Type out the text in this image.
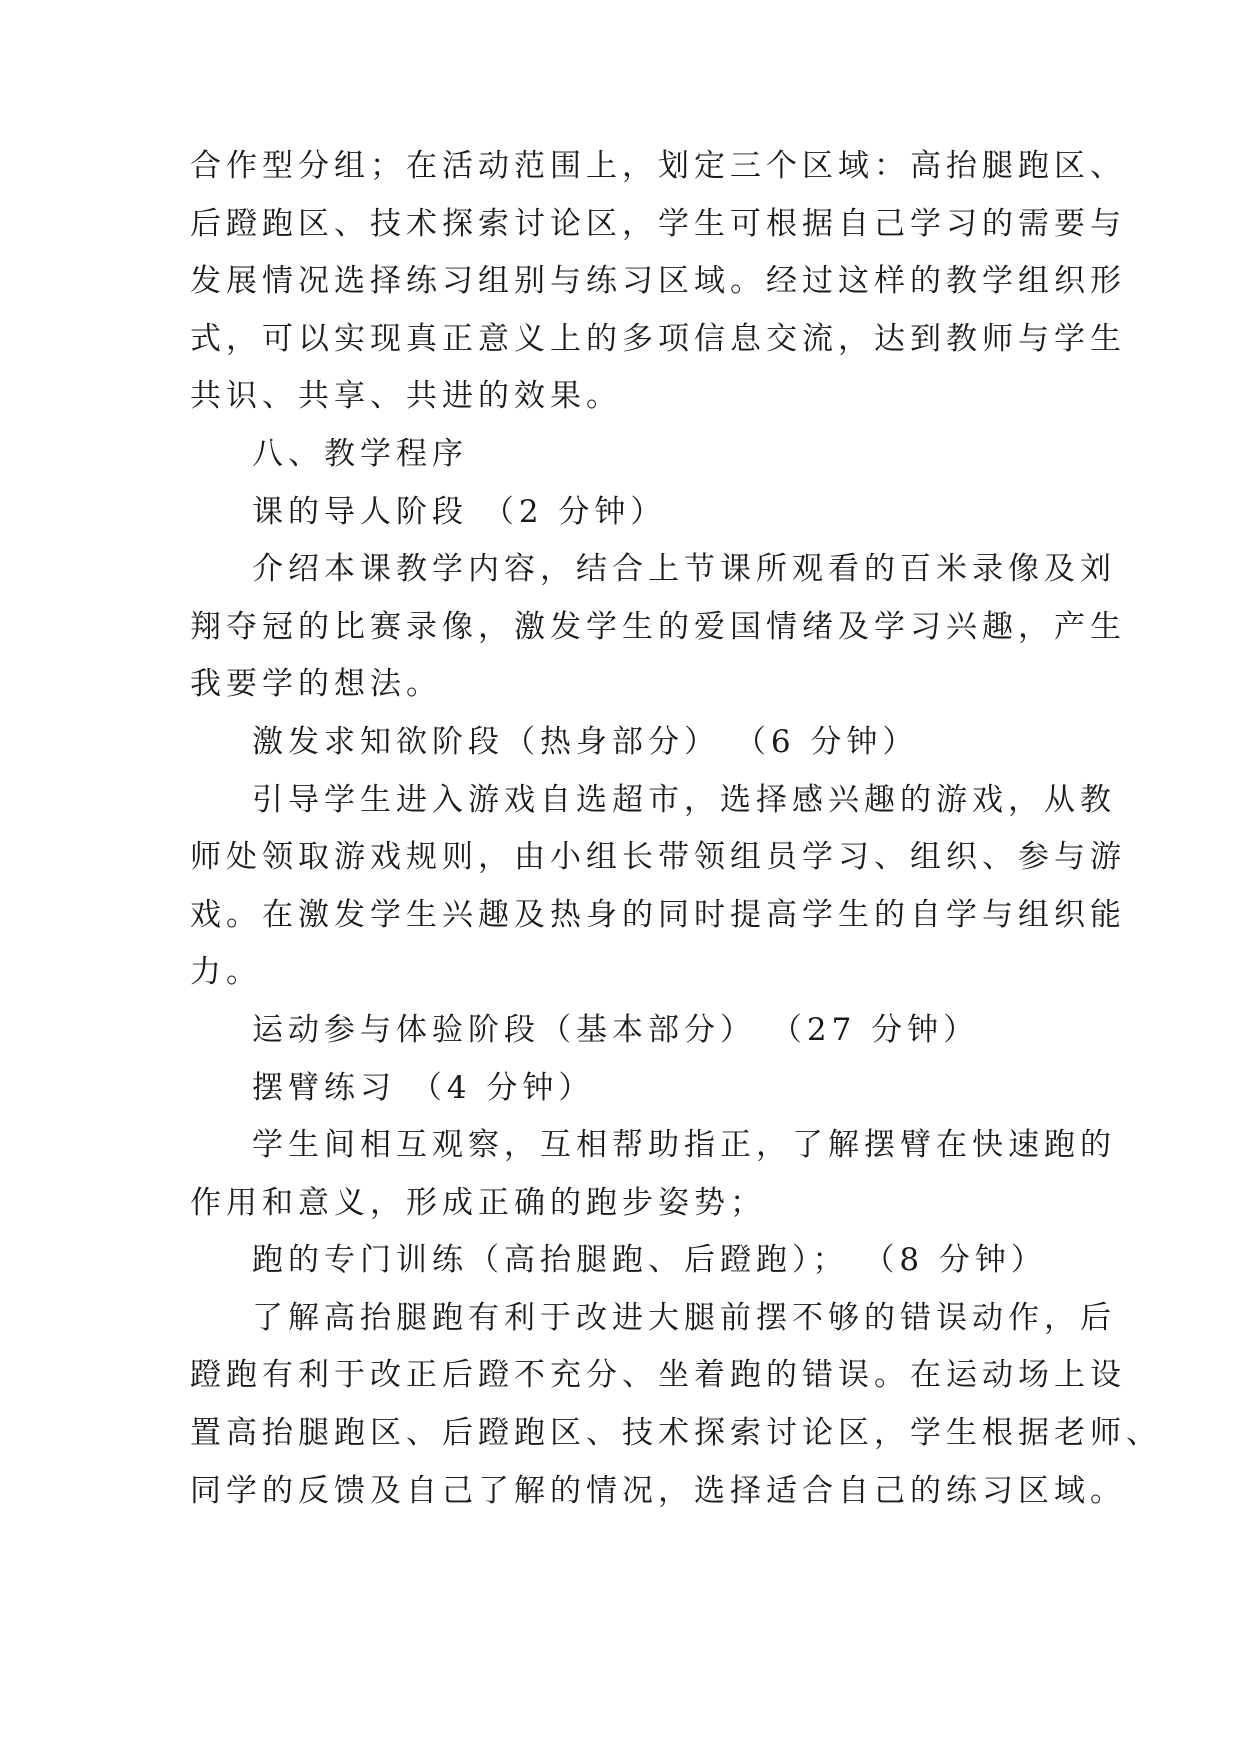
合作型分组；在活动范围上，划定三个区域：高抬腿跑区、
后蹬跑区、技术探索讨论区，学生可根据自己学习的需要与
发展情况选择练习组别与练习区域。经过这样的教学组织形
式，可以实现真正意义上的多项信息交流，达到教师与学生
共识、共享、共进的效果。
八、教学程序
课的导人阶段 （2 分钟）
介绍本课教学内容，结合上节课所观看的百米录像及刘
翔夺冠的比赛录像，激发学生的爱国情绪及学习兴趣，产生
我要学的想法。
激发求知欲阶段（热身部分） （6 分钟）
引导学生进入游戏自选超市，选择感兴趣的游戏，从教
师处领取游戏规则，由小组长带领组员学习、组织、参与游
戏。在激发学生兴趣及热身的同时提高学生的自学与组织能
力。
运动参与体验阶段（基本部分） （27 分钟）
摆臂练习 （4 分钟）
学生间相互观察，互相帮助指正，了解摆臂在快速跑的
作用和意义，形成正确的跑步姿势；
跑的专门训练（高抬腿跑、后蹬跑）； （8 分钟）
了解高抬腿跑有利于改进大腿前摆不够的错误动作，后
蹬跑有利于改正后蹬不充分、坐着跑的错误。在运动场上设
置高抬腿跑区、后蹬跑区、技术探索讨论区，学生根据老师、
同学的反馈及自己了解的情况，选择适合自己的练习区域。
